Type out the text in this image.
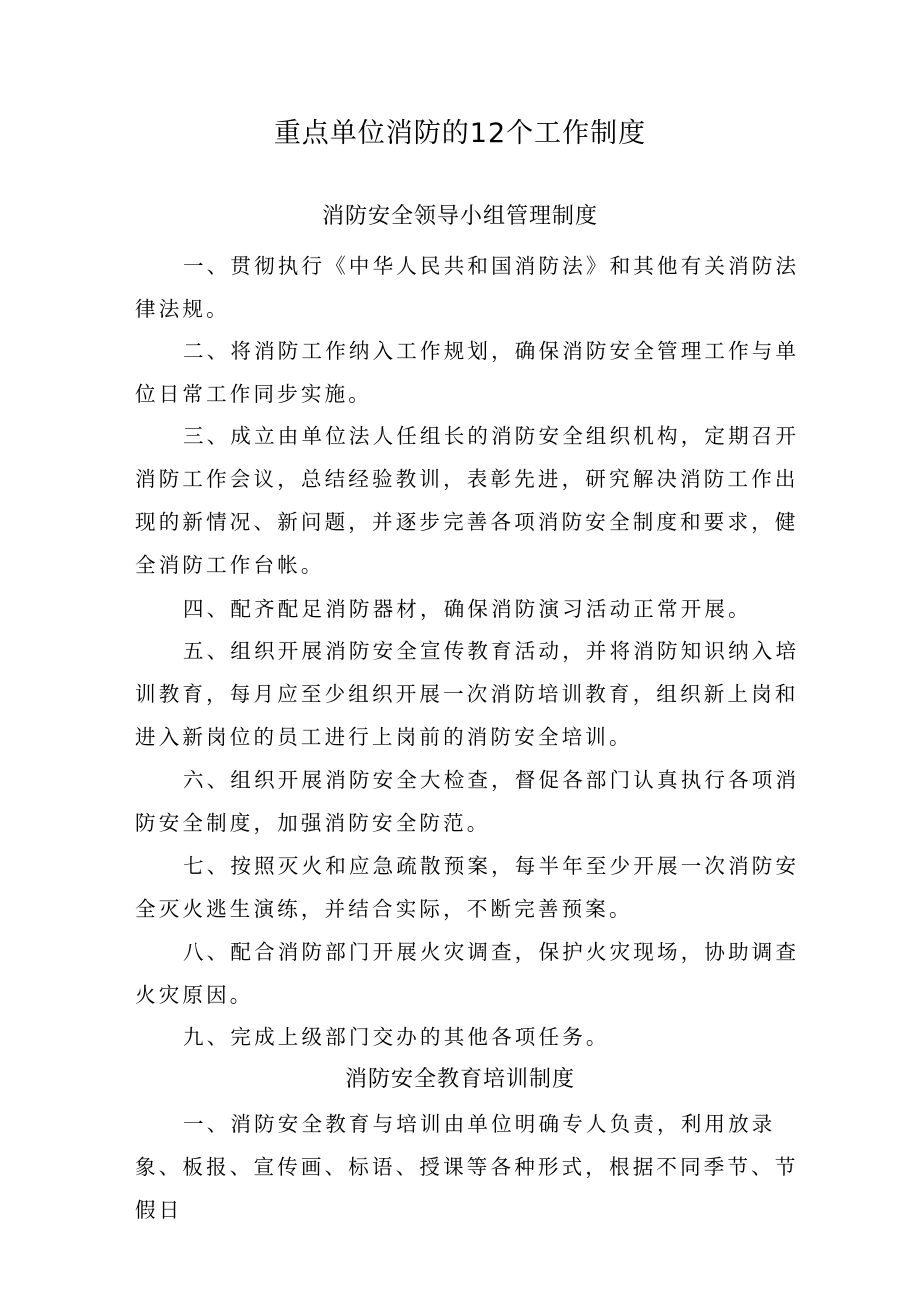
重点单位消防的12个工作制度
消防安全领导小组管理制度

一、贯彻执行《中华人民共和国消防法》和其他有关消防法律法规。

二、将消防工作纳入工作规划，确保消防安全管理工作与单位日常工作同步实施。

三、成立由单位法人任组长的消防安全组织机构，定期召开消防工作会议，总结经验教训，表彰先进，研究解决消防工作出现的新情况、新问题，并逐步完善各项消防安全制度和要求，健全消防工作台帐。

四、配齐配足消防器材，确保消防演习活动正常开展。

五、组织开展消防安全宣传教育活动，并将消防知识纳入培训教育，每月应至少组织开展一次消防培训教育，组织新上岗和进入新岗位的员工进行上岗前的消防安全培训。

六、组织开展消防安全大检查，督促各部门认真执行各项消防安全制度，加强消防安全防范。

七、按照灭火和应急疏散预案，每半年至少开展一次消防安全灭火逃生演练，并结合实际，不断完善预案。

八、配合消防部门开展火灾调查，保护火灾现场，协助调查火灾原因。

九、完成上级部门交办的其他各项任务。

消防安全教育培训制度

一、消防安全教育与培训由单位明确专人负责，利用放录象、板报、宣传画、标语、授课等各种形式，根据不同季节、节假日
